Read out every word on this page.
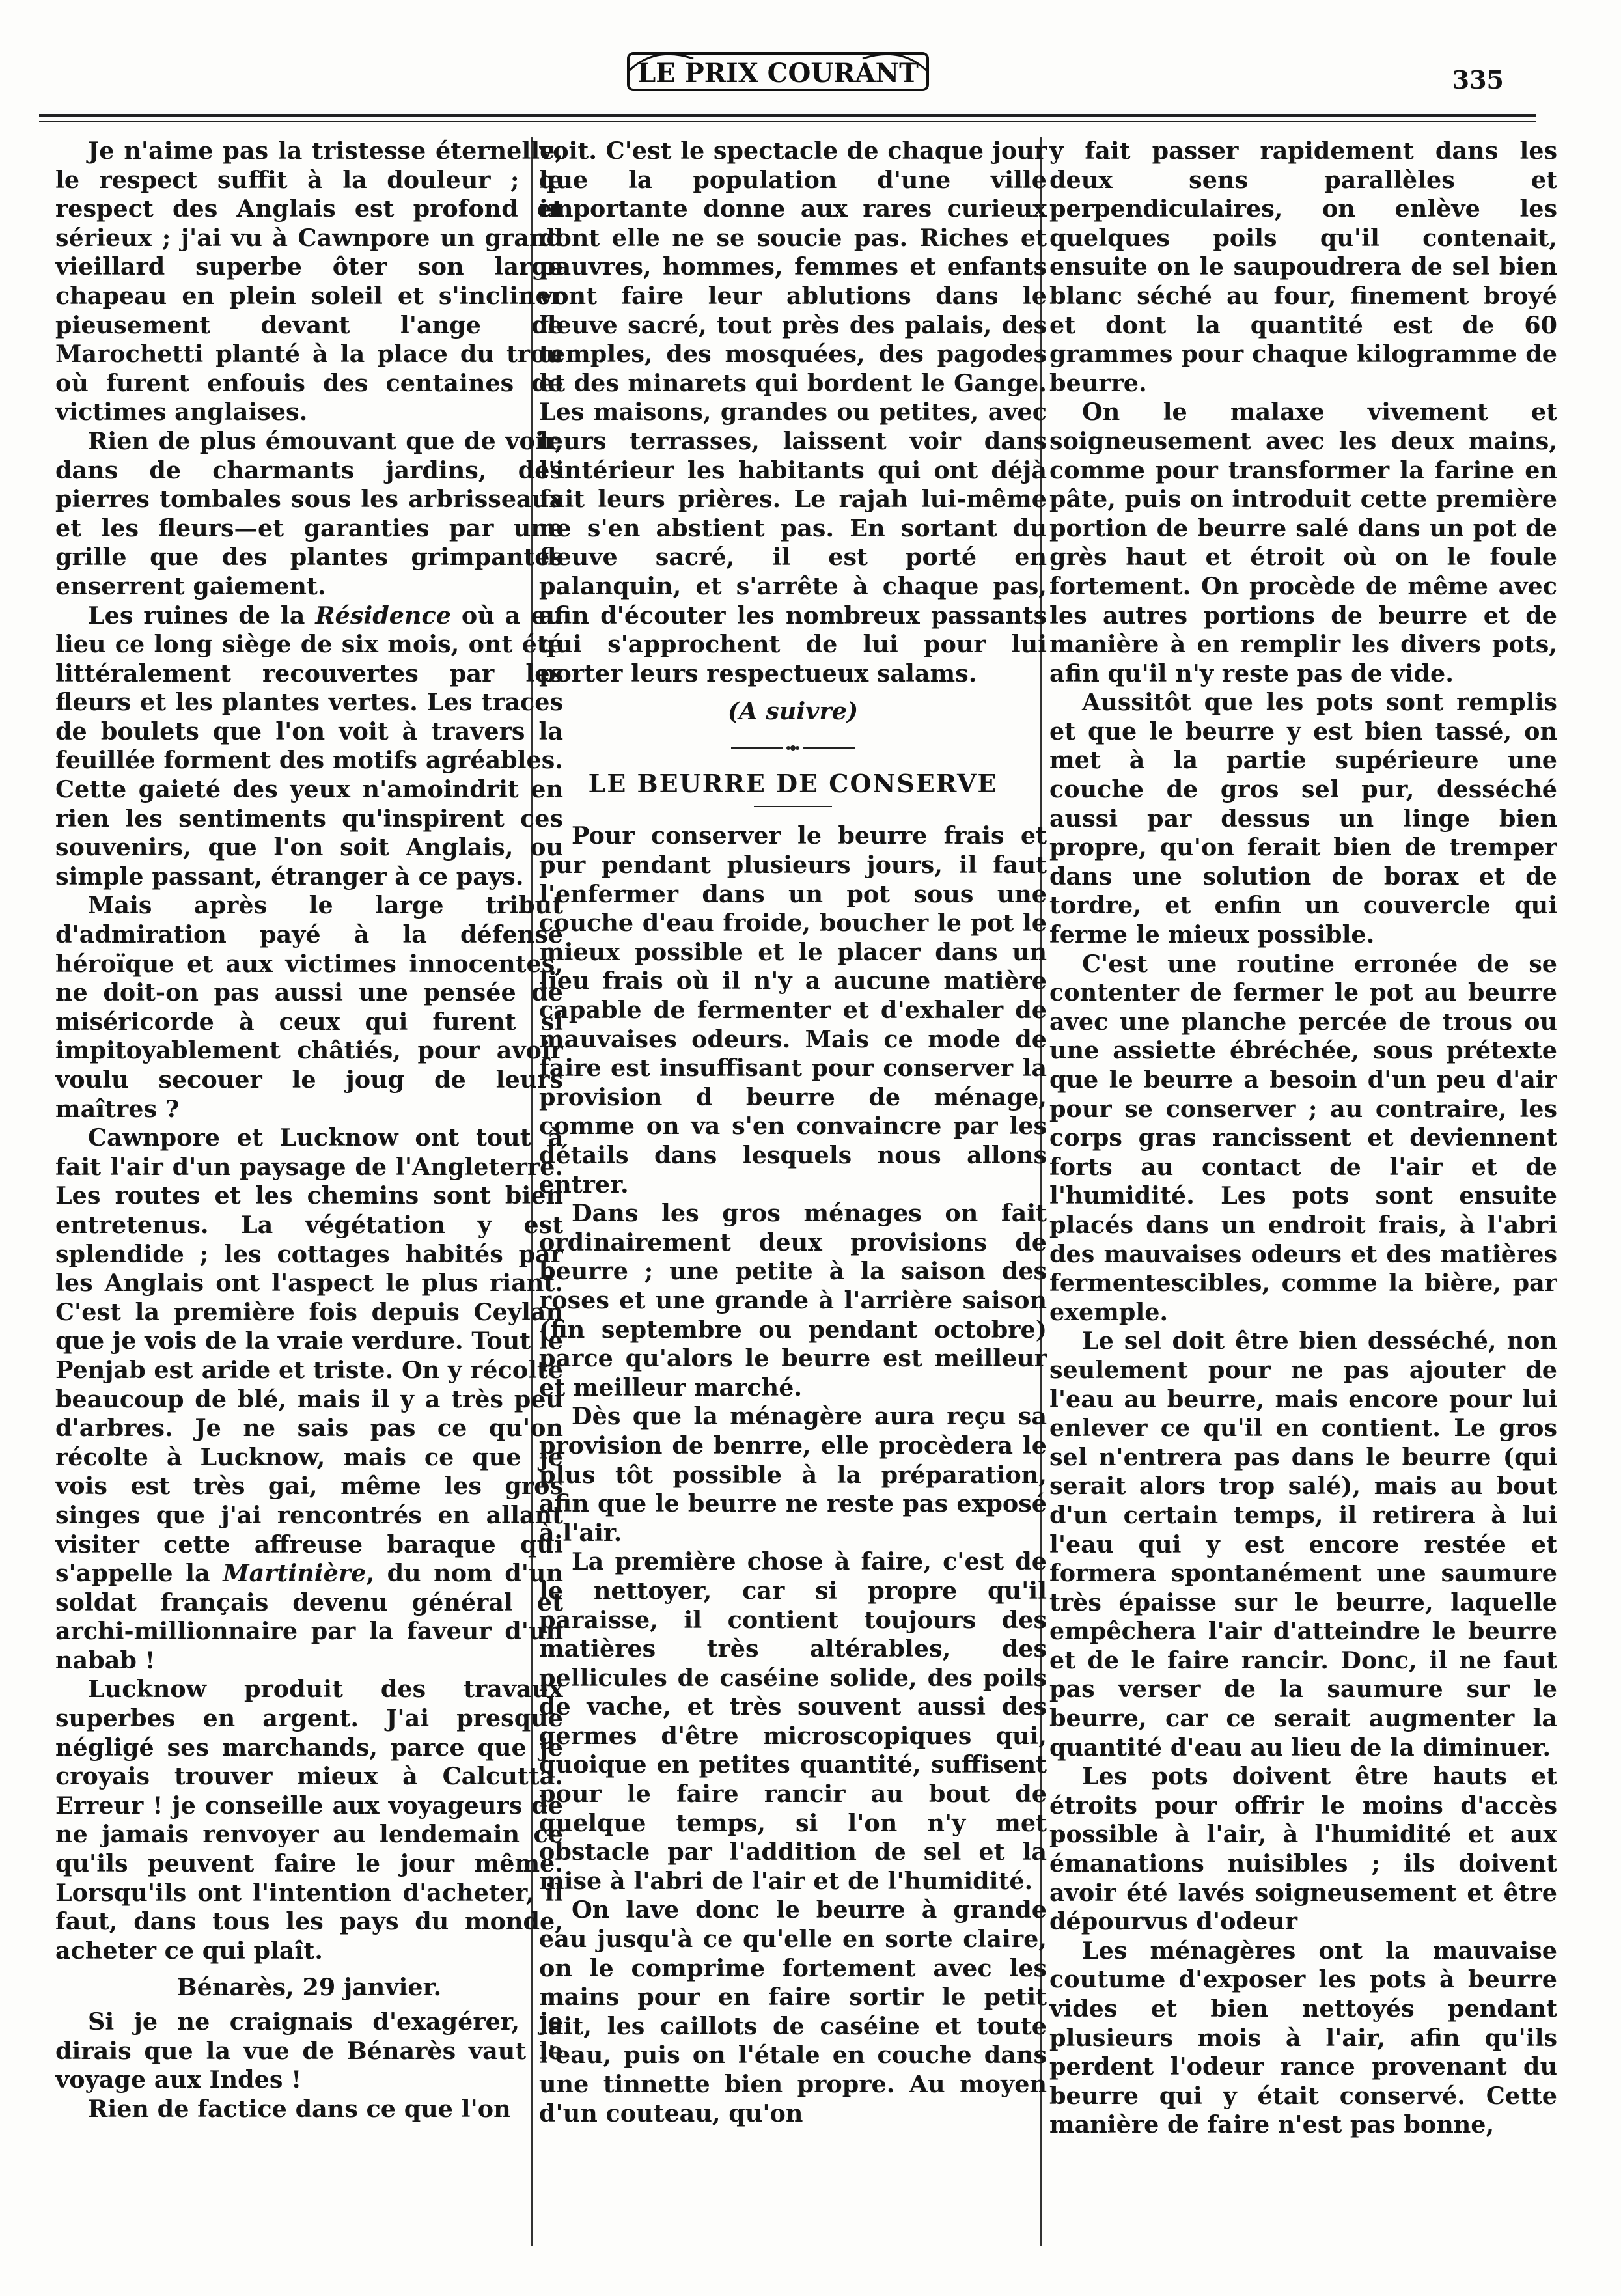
LE PRIX COURANT	335

Je n'aime pas la tristesse éternelle, le respect suffit à la douleur ; le respect des Anglais est profond et sérieux ; j'ai vu à Cawnpore un grand vieillard superbe ôter son large chapeau en plein soleil et s'incliner pieusement devant l'ange de Marochetti planté à la place du trou où furent enfouis des centaines de victimes anglaises.

Rien de plus émouvant que de voir, dans de charmants jardins, des pierres tombales sous les arbrisseaux et les fleurs—et garanties par une grille que des plantes grimpantes enserrent gaiement.

Les ruines de la Résidence où a eu lieu ce long siège de six mois, ont été littéralement recouvertes par les fleurs et les plantes vertes. Les traces de boulets que l'on voit à travers la feuillée forment des motifs agréables. Cette gaieté des yeux n'amoindrit en rien les sentiments qu'inspirent ces souvenirs, que l'on soit Anglais, ou simple passant, étranger à ce pays.

Mais après le large tribut d'admiration payé à la défense héroïque et aux victimes innocentes, ne doit-on pas aussi une pensée de miséricorde à ceux qui furent si impitoyablement châtiés, pour avoir voulu secouer le joug de leurs maîtres ?

Cawnpore et Lucknow ont tout à fait l'air d'un paysage de l'Angleterre. Les routes et les chemins sont bien entretenus. La végétation y est splendide ; les cottages habités par les Anglais ont l'aspect le plus riant. C'est la première fois depuis Ceylan que je vois de la vraie verdure. Tout le Penjab est aride et triste. On y récolte beaucoup de blé, mais il y a très peu d'arbres. Je ne sais pas ce qu'on récolte à Lucknow, mais ce que je vois est très gai, même les gros singes que j'ai rencontrés en allant visiter cette affreuse baraque qui s'appelle la Martinière, du nom d'un soldat français devenu général et archi-millionnaire par la faveur d'un nabab !

Lucknow produit des travaux superbes en argent. J'ai presque négligé ses marchands, parce que je croyais trouver mieux à Calcutta. Erreur ! je conseille aux voyageurs de ne jamais renvoyer au lendemain ce qu'ils peuvent faire le jour même. Lorsqu'ils ont l'intention d'acheter, il faut, dans tous les pays du monde, acheter ce qui plaît.

Bénarès, 29 janvier.

Si je ne craignais d'exagérer, je dirais que la vue de Bénarès vaut le voyage aux Indes !

Rien de factice dans ce que l'on

voit. C'est le spectacle de chaque jour que la population d'une ville importante donne aux rares curieux dont elle ne se soucie pas. Riches et pauvres, hommes, femmes et enfants vont faire leur ablutions dans le fleuve sacré, tout près des palais, des temples, des mosquées, des pagodes et des minarets qui bordent le Gange. Les maisons, grandes ou petites, avec leurs terrasses, laissent voir dans l'intérieur les habitants qui ont déjà fait leurs prières. Le rajah lui-même ne s'en abstient pas. En sortant du fleuve sacré, il est porté en palanquin, et s'arrête à chaque pas, afin d'écouter les nombreux passants qui s'approchent de lui pour lui porter leurs respectueux salams.

(A suivre)

LE BEURRE DE CONSERVE

Pour conserver le beurre frais et pur pendant plusieurs jours, il faut l'enfermer dans un pot sous une couche d'eau froide, boucher le pot le mieux possible et le placer dans un lieu frais où il n'y a aucune matière capable de fermenter et d'exhaler de mauvaises odeurs. Mais ce mode de faire est insuffisant pour conserver la provision d beurre de ménage, comme on va s'en convaincre par les détails dans lesquels nous allons entrer.

Dans les gros ménages on fait ordinairement deux provisions de beurre ; une petite à la saison des roses et une grande à l'arrière saison (fin septembre ou pendant octobre) parce qu'alors le beurre est meilleur et meilleur marché.

Dès que la ménagère aura reçu sa provision de benrre, elle procèdera le plus tôt possible à la préparation, afin que le beurre ne reste pas exposé à l'air.

La première chose à faire, c'est de le nettoyer, car si propre qu'il paraisse, il contient toujours des matières très altérables, des pellicules de caséine solide, des poils de vache, et très souvent aussi des germes d'être microscopiques qui, quoique en petites quantité, suffisent pour le faire rancir au bout de quelque temps, si l'on n'y met obstacle par l'addition de sel et la mise à l'abri de l'air et de l'humidité.

On lave donc le beurre à grande eau jusqu'à ce qu'elle en sorte claire, on le comprime fortement avec les mains pour en faire sortir le petit lait, les caillots de caséine et toute l'eau, puis on l'étale en couche dans une tinnette bien propre. Au moyen d'un couteau, qu'on

y fait passer rapidement dans les deux sens parallèles et perpendiculaires, on enlève les quelques poils qu'il contenait, ensuite on le saupoudrera de sel bien blanc séché au four, finement broyé et dont la quantité est de 60 grammes pour chaque kilogramme de beurre.

On le malaxe vivement et soigneusement avec les deux mains, comme pour transformer la farine en pâte, puis on introduit cette première portion de beurre salé dans un pot de grès haut et étroit où on le foule fortement. On procède de même avec les autres portions de beurre et de manière à en remplir les divers pots, afin qu'il n'y reste pas de vide.

Aussitôt que les pots sont remplis et que le beurre y est bien tassé, on met à la partie supérieure une couche de gros sel pur, desséché aussi par dessus un linge bien propre, qu'on ferait bien de tremper dans une solution de borax et de tordre, et enfin un couvercle qui ferme le mieux possible.

C'est une routine erronée de se contenter de fermer le pot au beurre avec une planche percée de trous ou une assiette ébréchée, sous prétexte que le beurre a besoin d'un peu d'air pour se conserver ; au contraire, les corps gras rancissent et deviennent forts au contact de l'air et de l'humidité. Les pots sont ensuite placés dans un endroit frais, à l'abri des mauvaises odeurs et des matières fermentescibles, comme la bière, par exemple.

Le sel doit être bien desséché, non seulement pour ne pas ajouter de l'eau au beurre, mais encore pour lui enlever ce qu'il en contient. Le gros sel n'entrera pas dans le beurre (qui serait alors trop salé), mais au bout d'un certain temps, il retirera à lui l'eau qui y est encore restée et formera spontanément une saumure très épaisse sur le beurre, laquelle empêchera l'air d'atteindre le beurre et de le faire rancir. Donc, il ne faut pas verser de la saumure sur le beurre, car ce serait augmenter la quantité d'eau au lieu de la diminuer.

Les pots doivent être hauts et étroits pour offrir le moins d'accès possible à l'air, à l'humidité et aux émanations nuisibles ; ils doivent avoir été lavés soigneusement et être dépourvus d'odeur

Les ménagères ont la mauvaise coutume d'exposer les pots à beurre vides et bien nettoyés pendant plusieurs mois à l'air, afin qu'ils perdent l'odeur rance provenant du beurre qui y était conservé. Cette manière de faire n'est pas bonne,
